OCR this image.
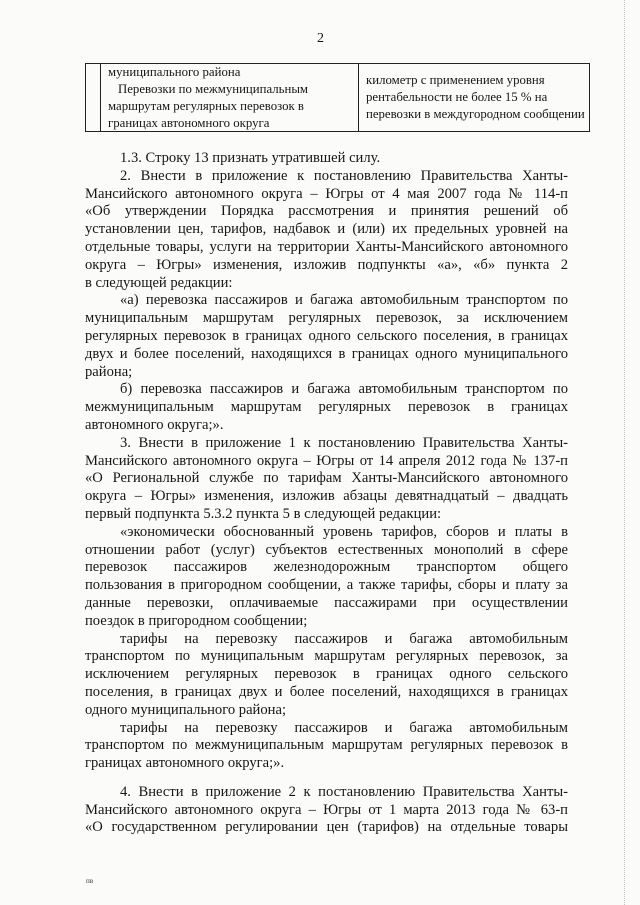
2
муниципального района
Перевозки по межмуниципальным
маршрутам регулярных перевозок в
границах автономного округа
километр с применением уровня
рентабельности не более 15 % на
перевозки в междугородном сообщении
1.3. Строку 13 признать утратившей силу.
2. Внести в приложение к постановлению Правительства Ханты-
Мансийского автономного округа – Югры от 4 мая 2007 года № 114-п
«Об утверждении Порядка рассмотрения и принятия решений об
установлении цен, тарифов, надбавок и (или) их предельных уровней на
отдельные товары, услуги на территории Ханты-Мансийского автономного
округа – Югры» изменения, изложив подпункты «а», «б» пункта 2
в следующей редакции:
«а) перевозка пассажиров и багажа автомобильным транспортом по
муниципальным маршрутам регулярных перевозок, за исключением
регулярных перевозок в границах одного сельского поселения, в границах
двух и более поселений, находящихся в границах одного муниципального
района;
б) перевозка пассажиров и багажа автомобильным транспортом по
межмуниципальным маршрутам регулярных перевозок в границах
автономного округа;».
3. Внести в приложение 1 к постановлению Правительства Ханты-
Мансийского автономного округа – Югры от 14 апреля 2012 года № 137-п
«О Региональной службе по тарифам Ханты-Мансийского автономного
округа – Югры» изменения, изложив абзацы девятнадцатый – двадцать
первый подпункта 5.3.2 пункта 5 в следующей редакции:
«экономически обоснованный уровень тарифов, сборов и платы в
отношении работ (услуг) субъектов естественных монополий в сфере
перевозок пассажиров железнодорожным транспортом общего
пользования в пригородном сообщении, а также тарифы, сборы и плату за
данные перевозки, оплачиваемые пассажирами при осуществлении
поездок в пригородном сообщении;
тарифы на перевозку пассажиров и багажа автомобильным
транспортом по муниципальным маршрутам регулярных перевозок, за
исключением регулярных перевозок в границах одного сельского
поселения, в границах двух и более поселений, находящихся в границах
одного муниципального района;
тарифы на перевозку пассажиров и багажа автомобильным
транспортом по межмуниципальным маршрутам регулярных перевозок в
границах автономного округа;».
4. Внести в приложение 2 к постановлению Правительства Ханты-
Мансийского автономного округа – Югры от 1 марта 2013 года № 63-п
«О государственном регулировании цен (тарифов) на отдельные товары
пв
